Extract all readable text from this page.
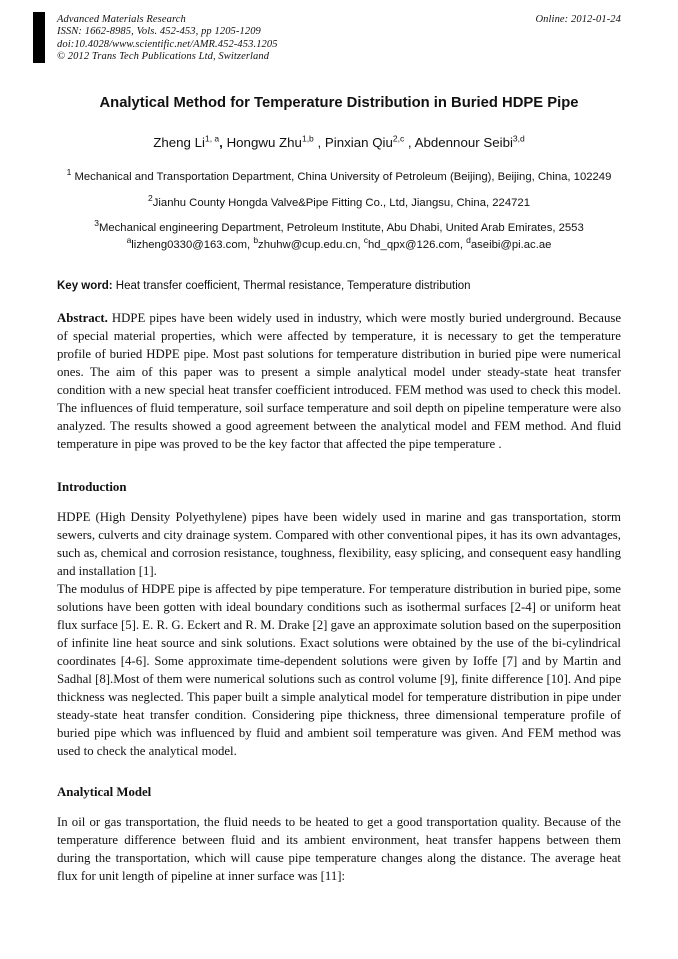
Advanced Materials Research
ISSN: 1662-8985, Vols. 452-453, pp 1205-1209
doi:10.4028/www.scientific.net/AMR.452-453.1205
© 2012 Trans Tech Publications Ltd, Switzerland
Online: 2012-01-24
Analytical Method for Temperature Distribution in Buried HDPE Pipe
Zheng Li$^{1, a}$, Hongwu Zhu$^{1,b}$ , Pinxian Qiu$^{2,c}$ , Abdennour Seibi$^{3,d}$
$^1$ Mechanical and Transportation Department, China University of Petroleum (Beijing), Beijing, China, 102249
$^2$Jianhu County Hongda Valve&Pipe Fitting Co., Ltd, Jiangsu, China, 224721
$^3$Mechanical engineering Department, Petroleum Institute, Abu Dhabi, United Arab Emirates, 2553
$^a$lizheng0330@163.com, $^b$zhuhw@cup.edu.cn, $^c$hd_qpx@126.com, $^d$aseibi@pi.ac.ae
Key word: Heat transfer coefficient, Thermal resistance, Temperature distribution
Abstract. HDPE pipes have been widely used in industry, which were mostly buried underground. Because of special material properties, which were affected by temperature, it is necessary to get the temperature profile of buried HDPE pipe. Most past solutions for temperature distribution in buried pipe were numerical ones. The aim of this paper was to present a simple analytical model under steady-state heat transfer condition with a new special heat transfer coefficient introduced. FEM method was used to check this model. The influences of fluid temperature, soil surface temperature and soil depth on pipeline temperature were also analyzed. The results showed a good agreement between the analytical model and FEM method. And fluid temperature in pipe was proved to be the key factor that affected the pipe temperature .
Introduction

HDPE (High Density Polyethylene) pipes have been widely used in marine and gas transportation, storm sewers, culverts and city drainage system. Compared with other conventional pipes, it has its own advantages, such as, chemical and corrosion resistance, toughness, flexibility, easy splicing, and consequent easy handling and installation [1].

The modulus of HDPE pipe is affected by pipe temperature. For temperature distribution in buried pipe, some solutions have been gotten with ideal boundary conditions such as isothermal surfaces [2-4] or uniform heat flux surface [5]. E. R. G. Eckert and R. M. Drake [2] gave an approximate solution based on the superposition of infinite line heat source and sink solutions. Exact solutions were obtained by the use of the bi-cylindrical coordinates [4-6]. Some approximate time-dependent solutions were given by Ioffe [7] and by Martin and Sadhal [8].Most of them were numerical solutions such as control volume [9], finite difference [10]. And pipe thickness was neglected. This paper built a simple analytical model for temperature distribution in pipe under steady-state heat transfer condition. Considering pipe thickness, three dimensional temperature profile of buried pipe which was influenced by fluid and ambient soil temperature was given. And FEM method was used to check the analytical model.

Analytical Model

In oil or gas transportation, the fluid needs to be heated to get a good transportation quality. Because of the temperature difference between fluid and its ambient environment, heat transfer happens between them during the transportation, which will cause pipe temperature changes along the distance. The average heat flux for unit length of pipeline at inner surface was [11]:
